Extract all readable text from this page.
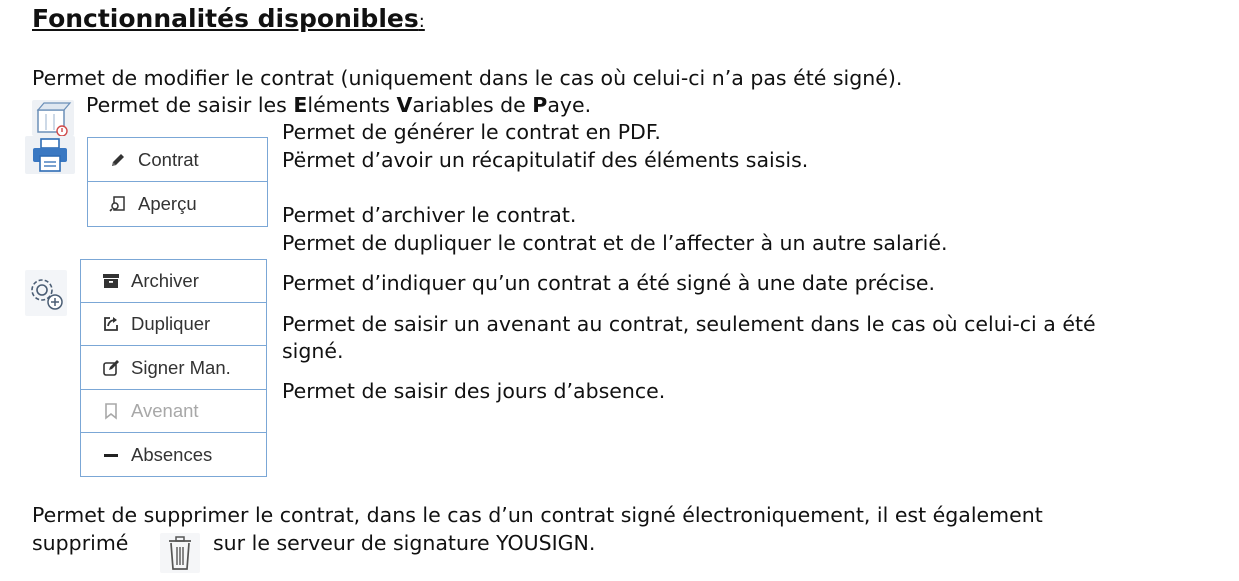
Fonctionnalités disponibles:
Permet de modifier le contrat (uniquement dans le cas où celui-ci n’a pas été signé).
Permet de saisir les Eléments Variables de Paye.
Contrat
Aperçu
Permet de générer le contrat en PDF.
Përmet d’avoir un récapitulatif des éléments saisis.
Permet d’archiver le contrat.
Permet de dupliquer le contrat et de l’affecter à un autre salarié.
Permet d’indiquer qu’un contrat a été signé à une date précise.
Permet de saisir un avenant au contrat, seulement dans le cas où celui-ci a été
signé.
Permet de saisir des jours d’absence.
Archiver
Dupliquer
Signer Man.
Avenant
Absences
Permet de supprimer le contrat, dans le cas d’un contrat signé électroniquement, il est également
supprimé	sur le serveur de signature YOUSIGN.
